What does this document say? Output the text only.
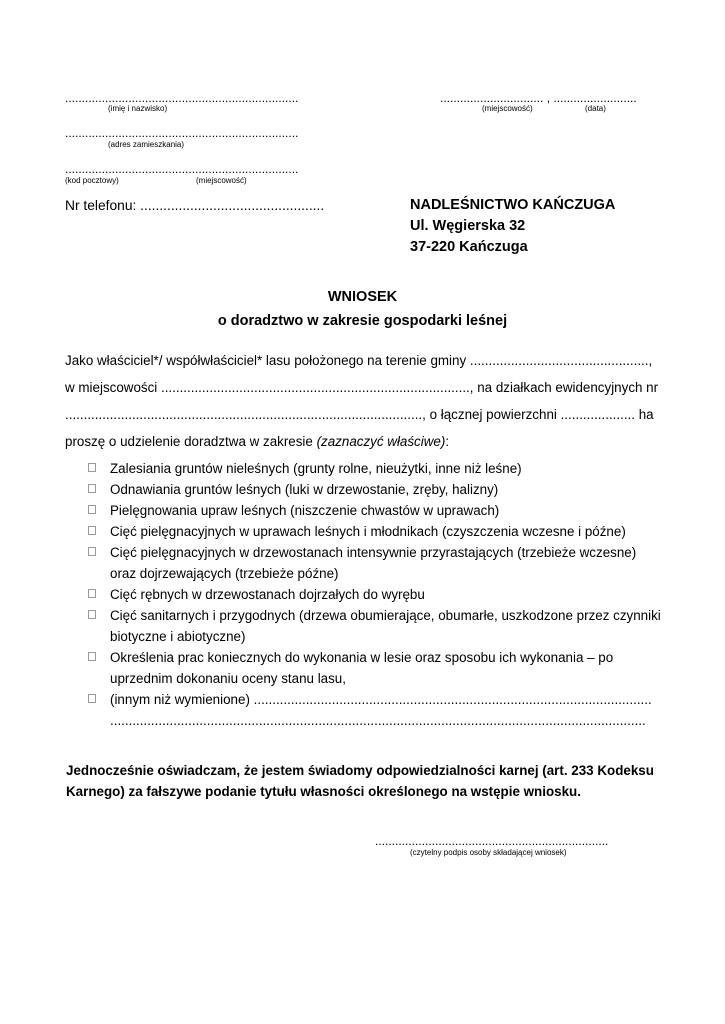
......................................................................
(imię i nazwisko)
............................... , .........................
(miejscowość)	(data)
......................................................................
(adres zamieszkania)
......................................................................
(kod pocztowy)	(miejscowość)
Nr telefonu: ................................................	NADLEŚNICTWO KAŃCZUGA
Ul. Węgierska 32
37-220 Kańczuga
WNIOSEK
o doradztwo w zakresie gospodarki leśnej
Jako właściciel*/ współwłaściciel* lasu położonego na terenie gminy ................................................,
w miejscowości ..................................................................................., na działkach ewidencyjnych nr
................................................................................................, o łącznej powierzchni .................... ha
proszę o udzielenie doradztwa w zakresie (zaznaczyć właściwe):
Zalesiania gruntów nieleśnych (grunty rolne, nieużytki, inne niż leśne)
Odnawiania gruntów leśnych (luki w drzewostanie, zręby, halizny)
Pielęgnowania upraw leśnych (niszczenie chwastów w uprawach)
Cięć pielęgnacyjnych w uprawach leśnych i młodnikach (czyszczenia wczesne i późne)
Cięć pielęgnacyjnych w drzewostanach intensywnie przyrastających (trzebieże wczesne)
oraz dojrzewających (trzebieże późne)
Cięć rębnych w drzewostanach dojrzałych do wyrębu
Cięć sanitarnych i przygodnych (drzewa obumierające, obumarłe, uszkodzone przez czynniki
biotyczne i abiotyczne)
Określenia prac koniecznych do wykonania w lesie oraz sposobu ich wykonania – po
uprzednim dokonaniu oceny stanu lasu,
(innym niż wymienione) ...........................................................................................................
................................................................................................................................................
Jednocześnie oświadczam, że jestem świadomy odpowiedzialności karnej (art. 233 Kodeksu Karnego) za fałszywe podanie tytułu własności określonego na wstępie wniosku.
......................................................................
(czytelny podpis osoby składającej wniosek)
